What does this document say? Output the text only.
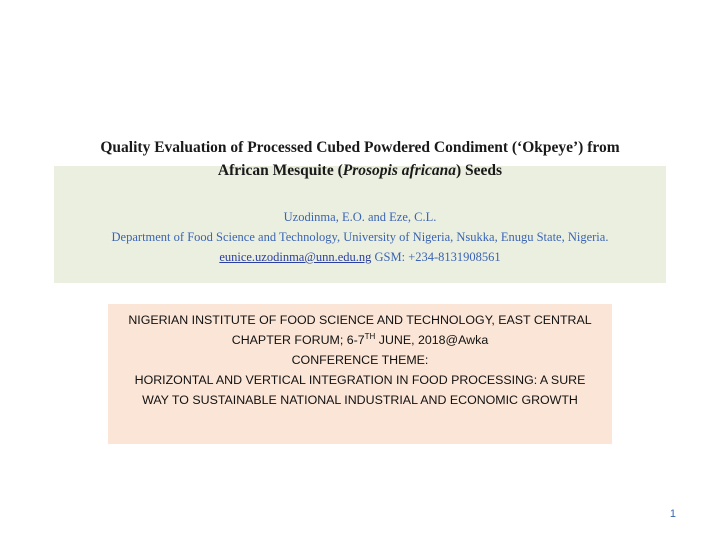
Quality Evaluation of Processed Cubed Powdered Condiment (‘Okpeye’) from
African Mesquite (Prosopis africana) Seeds
Uzodinma, E.O. and Eze, C.L.
Department of Food Science and Technology, University of Nigeria, Nsukka, Enugu State, Nigeria.
eunice.uzodinma@unn.edu.ng GSM: +234-8131908561
NIGERIAN INSTITUTE OF FOOD SCIENCE AND TECHNOLOGY, EAST CENTRAL
CHAPTER FORUM; 6-7TH JUNE, 2018@Awka
CONFERENCE THEME:
HORIZONTAL AND VERTICAL INTEGRATION IN FOOD PROCESSING: A SURE
WAY TO SUSTAINABLE NATIONAL INDUSTRIAL AND ECONOMIC GROWTH
1
